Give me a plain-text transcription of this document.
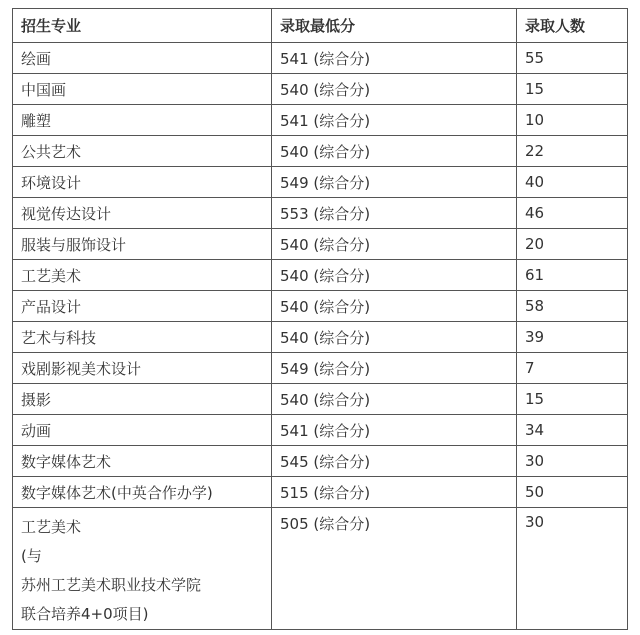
招生专业	录取最低分	录取人数
绘画	541 (综合分)	55
中国画	540 (综合分)	15
雕塑	541 (综合分)	10
公共艺术	540 (综合分)	22
环境设计	549 (综合分)	40
视觉传达设计	553 (综合分)	46
服装与服饰设计	540 (综合分)	20
工艺美术	540 (综合分)	61
产品设计	540 (综合分)	58
艺术与科技	540 (综合分)	39
戏剧影视美术设计	549 (综合分)	7
摄影	540 (综合分)	15
动画	541 (综合分)	34
数字媒体艺术	545 (综合分)	30
数字媒体艺术(中英合作办学)	515 (综合分)	50

工艺美术
(与
苏州工艺美术职业技术学院
联合培养4+0项目)	505 (综合分)	30
